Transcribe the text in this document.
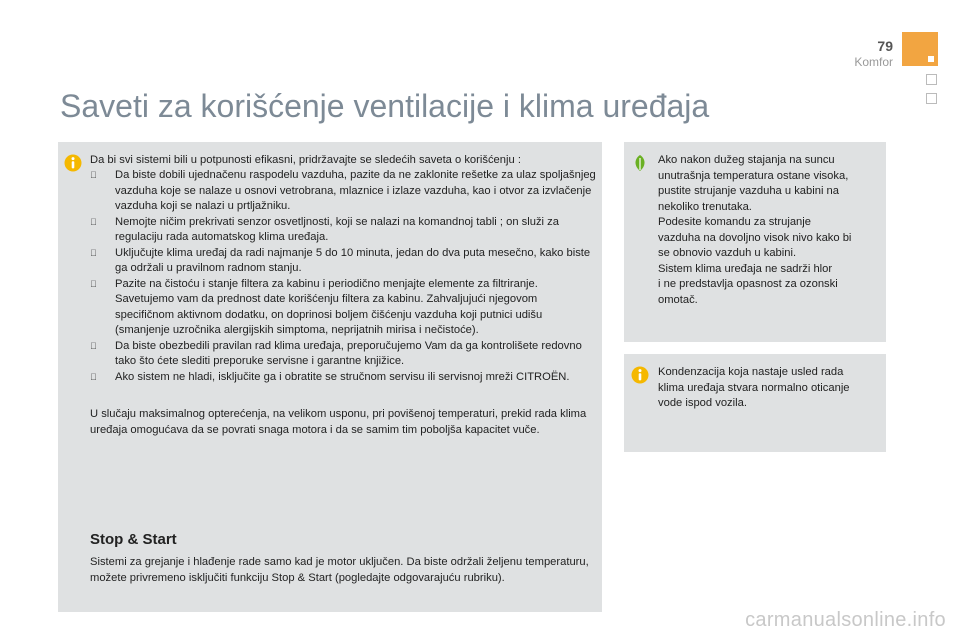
79
Komfor
Saveti za korišćenje ventilacije i klima uređaja
Da bi svi sistemi bili u potpunosti efikasni, pridržavajte se sledećih saveta o korišćenju :
Da biste dobili ujednačenu raspodelu vazduha, pazite da ne zaklonite rešetke za ulaz spoljašnjeg vazduha koje se nalaze u osnovi vetrobrana, mlaznice i izlaze vazduha, kao i otvor za izvlačenje vazduha koji se nalazi u prtljažniku.
Nemojte ničim prekrivati senzor osvetljnosti, koji se nalazi na komandnoj tabli ; on služi za regulaciju rada automatskog klima uređaja.
Uključujte klima uređaj da radi najmanje 5 do 10 minuta, jedan do dva puta mesečno, kako biste ga održali u pravilnom radnom stanju.
Pazite na čistoću i stanje filtera za kabinu i periodično menjajte elemente za filtriranje. Savetujemo vam da prednost date korišćenju filtera za kabinu. Zahvaljujući njegovom specifičnom aktivnom dodatku, on doprinosi boljem čišćenju vazduha koji putnici udišu (smanjenje uzročnika alergijskih simptoma, neprijatnih mirisa i nečistoće).
Da biste obezbedili pravilan rad klima uređaja, preporučujemo Vam da ga kontrolišete redovno tako što ćete slediti preporuke servisne i garantne knjižice.
Ako sistem ne hladi, isključite ga i obratite se stručnom servisu ili servisnoj mreži CITROËN.
U slučaju maksimalnog opterećenja, na velikom usponu, pri povišenoj temperaturi, prekid rada klima uređaja omogućava da se povrati snaga motora i da se samim tim poboljša kapacitet vuče.
Stop & Start
Sistemi za grejanje i hlađenje rade samo kad je motor uključen. Da biste održali željenu temperaturu, možete privremeno isključiti funkciju Stop & Start (pogledajte odgovarajuću rubriku).
Ako nakon dužeg stajanja na suncu
unutrašnja temperatura ostane visoka,
pustite strujanje vazduha u kabini na
nekoliko trenutaka.
Podesite komandu za strujanje
vazduha na dovoljno visok nivo kako bi
se obnovio vazduh u kabini.
Sistem klima uređaja ne sadrži hlor
i ne predstavlja opasnost za ozonski
omotač.
Kondenzacija koja nastaje usled rada
klima uređaja stvara normalno oticanje
vode ispod vozila.
carmanualsonline.info
